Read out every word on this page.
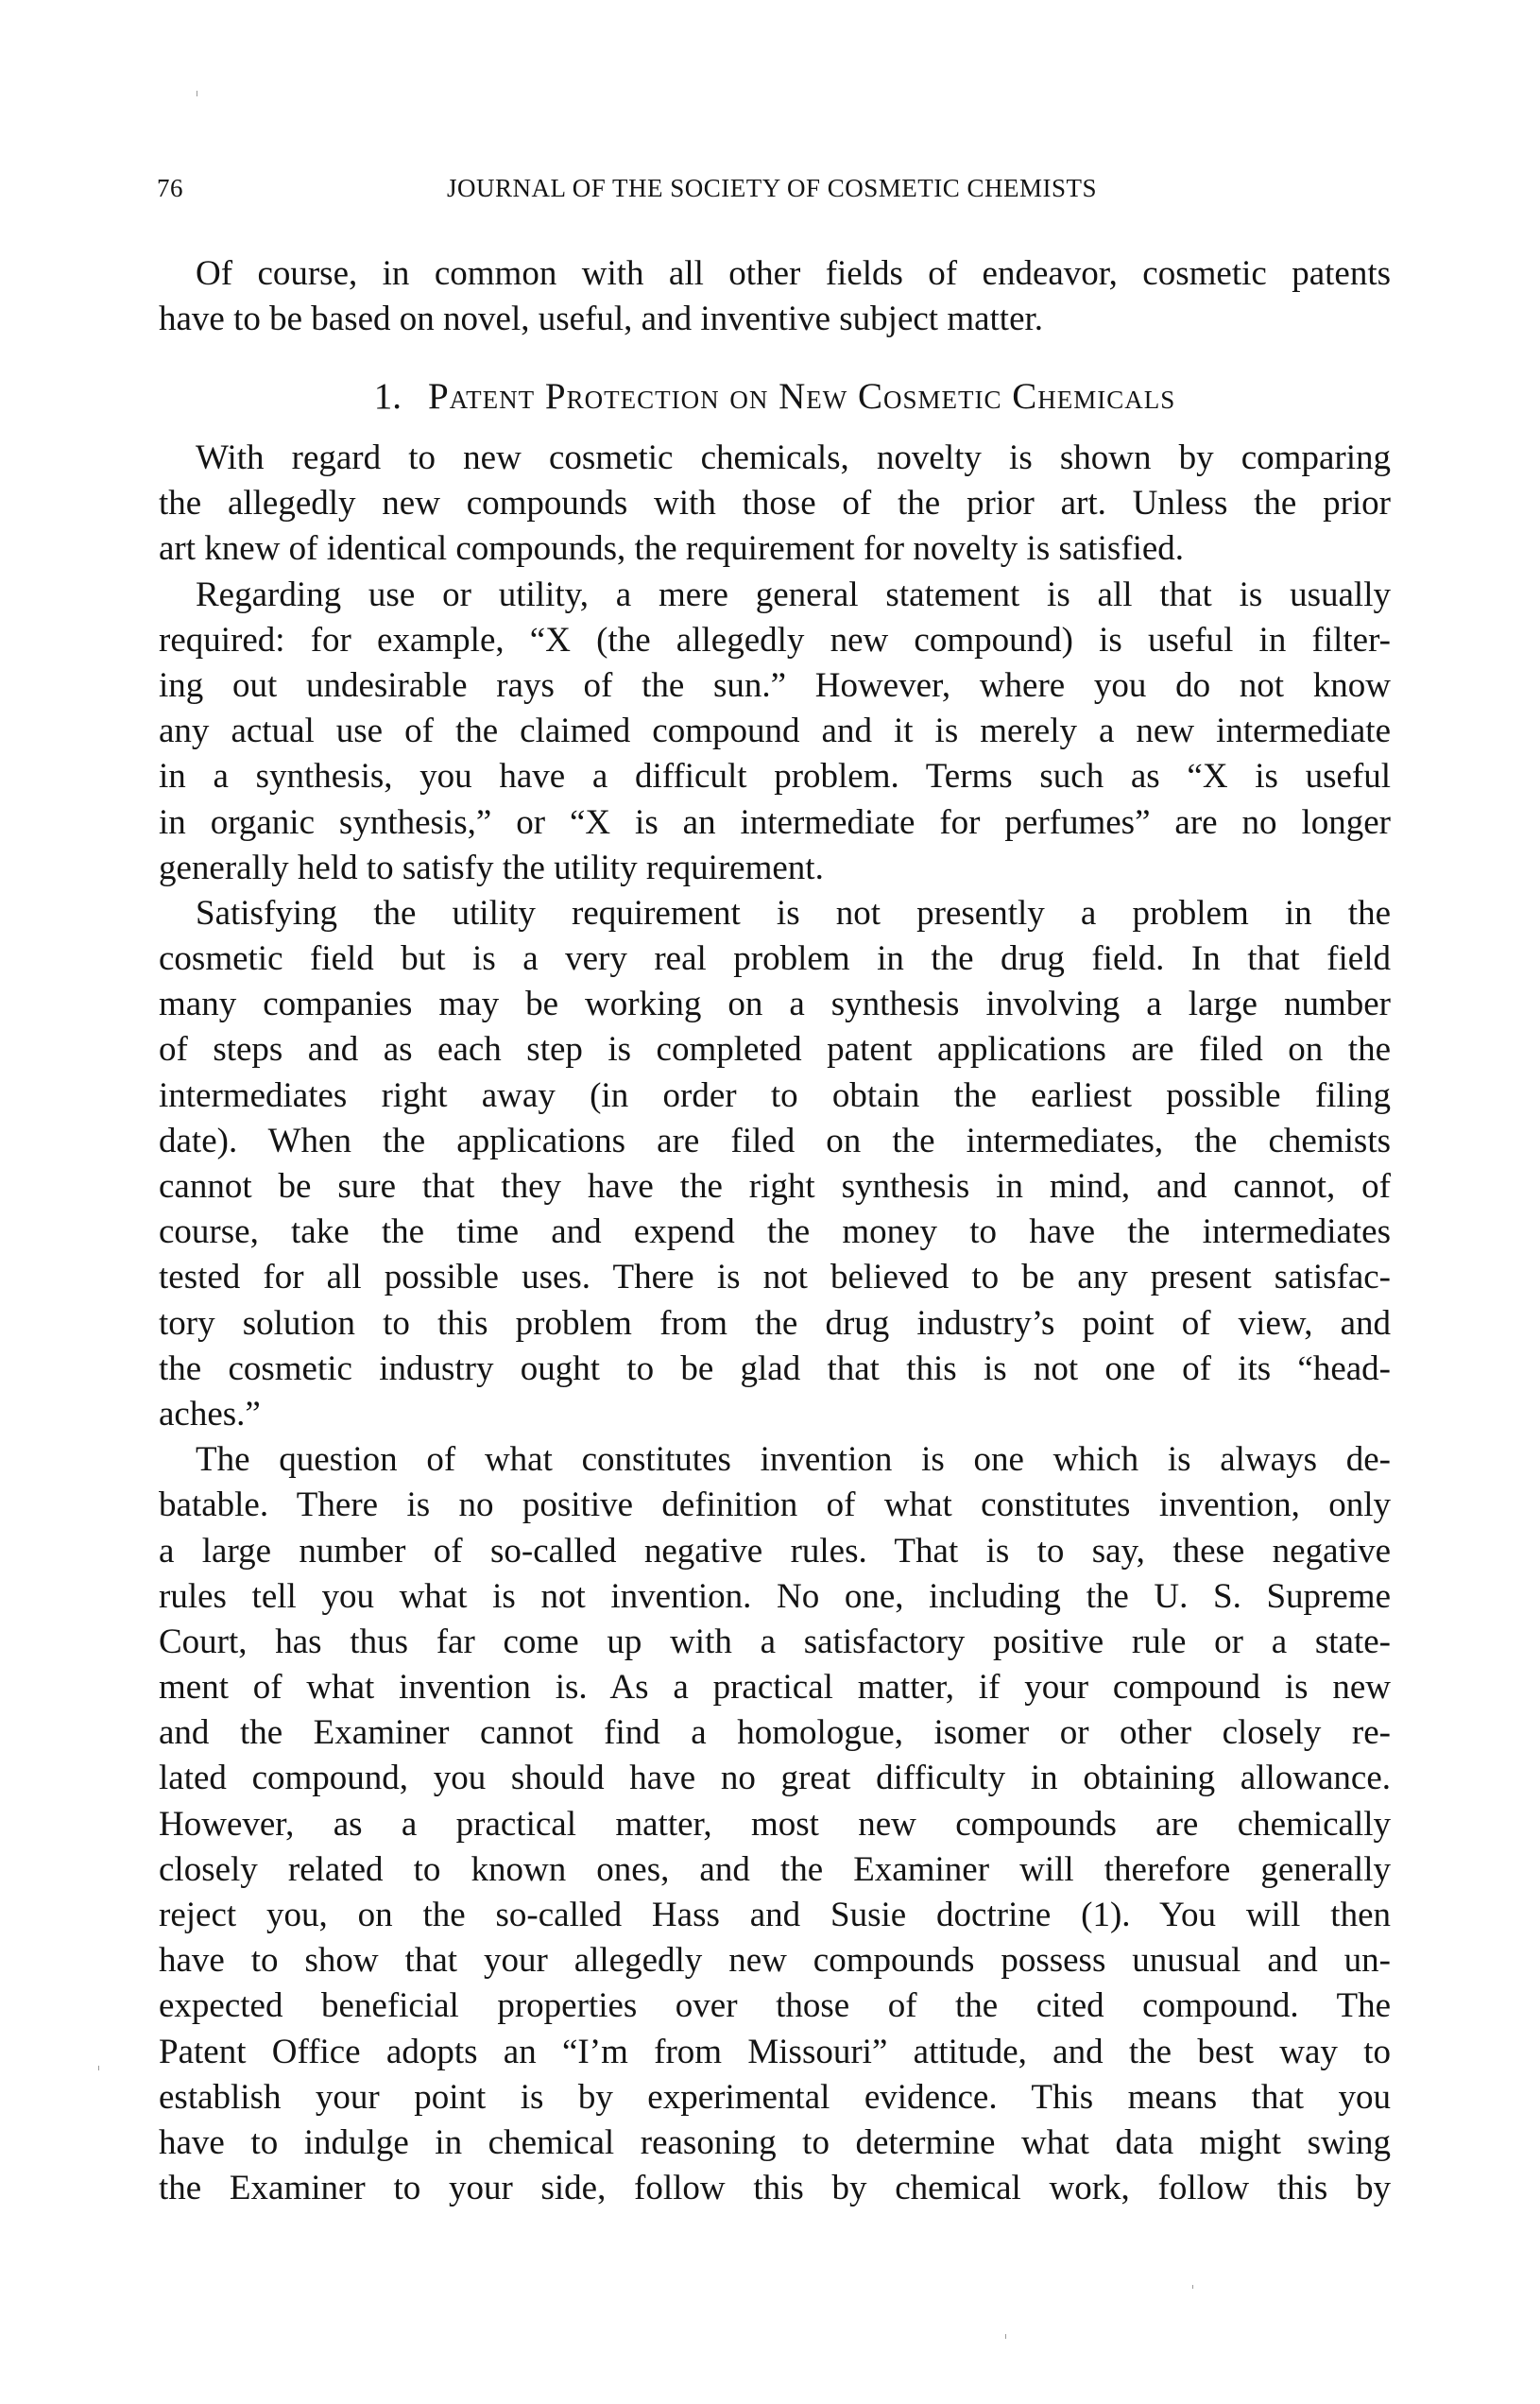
76	JOURNAL OF THE SOCIETY OF COSMETIC CHEMISTS
Of course, in common with all other fields of endeavor, cosmetic patents
have to be based on novel, useful, and inventive subject matter.
1. Patent Protection on New Cosmetic Chemicals
With regard to new cosmetic chemicals, novelty is shown by comparing
the allegedly new compounds with those of the prior art. Unless the prior
art knew of identical compounds, the requirement for novelty is satisfied.
Regarding use or utility, a mere general statement is all that is usually
required: for example, “X (the allegedly new compound) is useful in filter-
ing out undesirable rays of the sun.” However, where you do not know
any actual use of the claimed compound and it is merely a new intermediate
in a synthesis, you have a difficult problem. Terms such as “X is useful
in organic synthesis,” or “X is an intermediate for perfumes” are no longer
generally held to satisfy the utility requirement.
Satisfying the utility requirement is not presently a problem in the
cosmetic field but is a very real problem in the drug field. In that field
many companies may be working on a synthesis involving a large number
of steps and as each step is completed patent applications are filed on the
intermediates right away (in order to obtain the earliest possible filing
date). When the applications are filed on the intermediates, the chemists
cannot be sure that they have the right synthesis in mind, and cannot, of
course, take the time and expend the money to have the intermediates
tested for all possible uses. There is not believed to be any present satisfac-
tory solution to this problem from the drug industry’s point of view, and
the cosmetic industry ought to be glad that this is not one of its “head-
aches.”
The question of what constitutes invention is one which is always de-
batable. There is no positive definition of what constitutes invention, only
a large number of so-called negative rules. That is to say, these negative
rules tell you what is not invention. No one, including the U. S. Supreme
Court, has thus far come up with a satisfactory positive rule or a state-
ment of what invention is. As a practical matter, if your compound is new
and the Examiner cannot find a homologue, isomer or other closely re-
lated compound, you should have no great difficulty in obtaining allowance.
However, as a practical matter, most new compounds are chemically
closely related to known ones, and the Examiner will therefore generally
reject you, on the so-called Hass and Susie doctrine (1). You will then
have to show that your allegedly new compounds possess unusual and un-
expected beneficial properties over those of the cited compound. The
Patent Office adopts an “I’m from Missouri” attitude, and the best way to
establish your point is by experimental evidence. This means that you
have to indulge in chemical reasoning to determine what data might swing
the Examiner to your side, follow this by chemical work, follow this by
